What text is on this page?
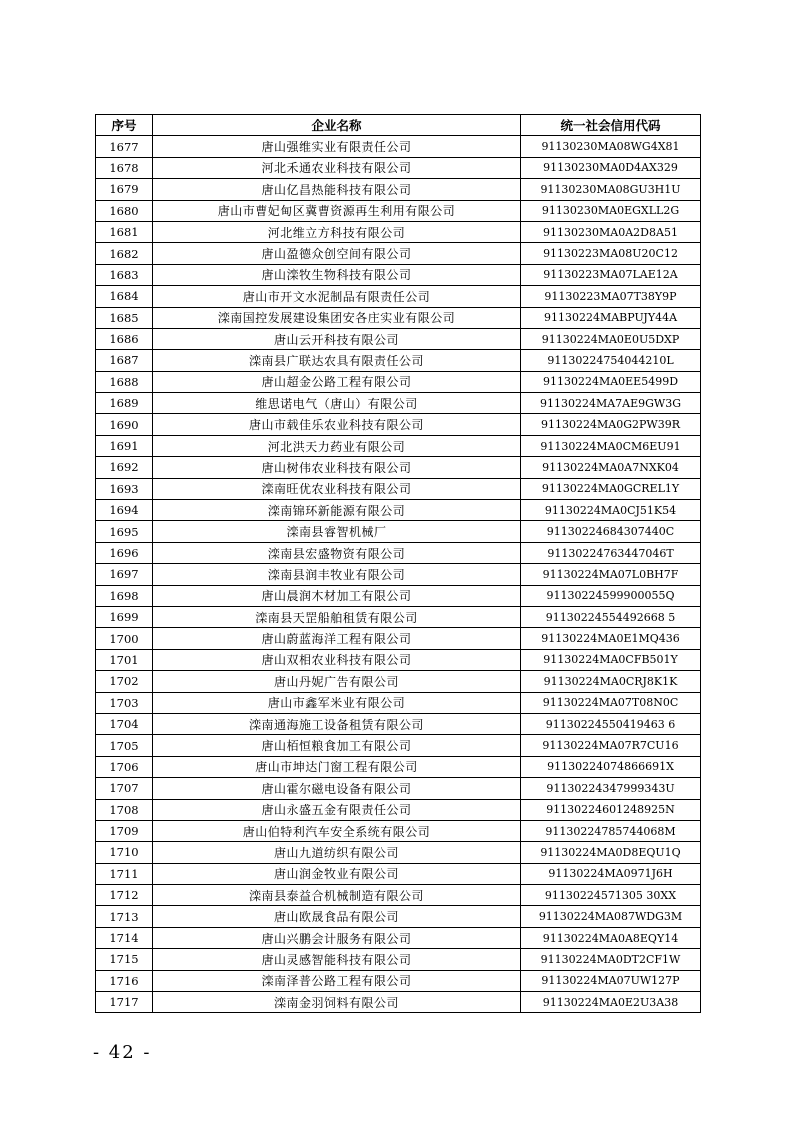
序号	企业名称	统一社会信用代码
1677	唐山强维实业有限责任公司	91130230MA08WG4X81
1678	河北禾通农业科技有限公司	91130230MA0D4AX329
1679	唐山亿昌热能科技有限公司	91130230MA08GU3H1U
1680	唐山市曹妃甸区冀曹资源再生利用有限公司	91130230MA0EGXLL2G
1681	河北维立方科技有限公司	91130230MA0A2D8A51
1682	唐山盈德众创空间有限公司	91130223MA08U20C12
1683	唐山滦牧生物科技有限公司	91130223MA07LAE12A
1684	唐山市开文水泥制品有限责任公司	91130223MA07T38Y9P
1685	滦南国控发展建设集团安各庄实业有限公司	91130224MABPUJY44A
1686	唐山云开科技有限公司	91130224MA0E0U5DXP
1687	滦南县广联达农具有限责任公司	91130224754044210L
1688	唐山超金公路工程有限公司	91130224MA0EE5499D
1689	维思诺电气（唐山）有限公司	91130224MA7AE9GW3G
1690	唐山市载佳乐农业科技有限公司	91130224MA0G2PW39R
1691	河北洪天力药业有限公司	91130224MA0CM6EU91
1692	唐山树伟农业科技有限公司	91130224MA0A7NXK04
1693	滦南旺优农业科技有限公司	91130224MA0GCREL1Y
1694	滦南锦环新能源有限公司	91130224MA0CJ51K54
1695	滦南县睿智机械厂	91130224684307440C
1696	滦南县宏盛物资有限公司	91130224763447046T
1697	滦南县润丰牧业有限公司	91130224MA07L0BH7F
1698	唐山晨润木材加工有限公司	91130224599900055Q
1699	滦南县天罡船舶租赁有限公司	91130224554492668 5
1700	唐山蔚蓝海洋工程有限公司	91130224MA0E1MQ436
1701	唐山双相农业科技有限公司	91130224MA0CFB501Y
1702	唐山丹妮广告有限公司	91130224MA0CRJ8K1K
1703	唐山市鑫军米业有限公司	91130224MA07T08N0C
1704	滦南通海施工设备租赁有限公司	91130224550419463 6
1705	唐山栢恒粮食加工有限公司	91130224MA07R7CU16
1706	唐山市坤达门窗工程有限公司	91130224074866691X
1707	唐山霍尔磁电设备有限公司	91130224347999343U
1708	唐山永盛五金有限责任公司	91130224601248925N
1709	唐山伯特利汽车安全系统有限公司	91130224785744068M
1710	唐山九道纺织有限公司	91130224MA0D8EQU1Q
1711	唐山润金牧业有限公司	91130224MA0971J6H
1712	滦南县泰益合机械制造有限公司	91130224571305 30XX
1713	唐山欧晟食品有限公司	91130224MA087WDG3M
1714	唐山兴鹏会计服务有限公司	91130224MA0A8EQY14
1715	唐山灵感智能科技有限公司	91130224MA0DT2CF1W
1716	滦南泽普公路工程有限公司	91130224MA07UW127P
1717	滦南金羽饲料有限公司	91130224MA0E2U3A38
- 42 -
